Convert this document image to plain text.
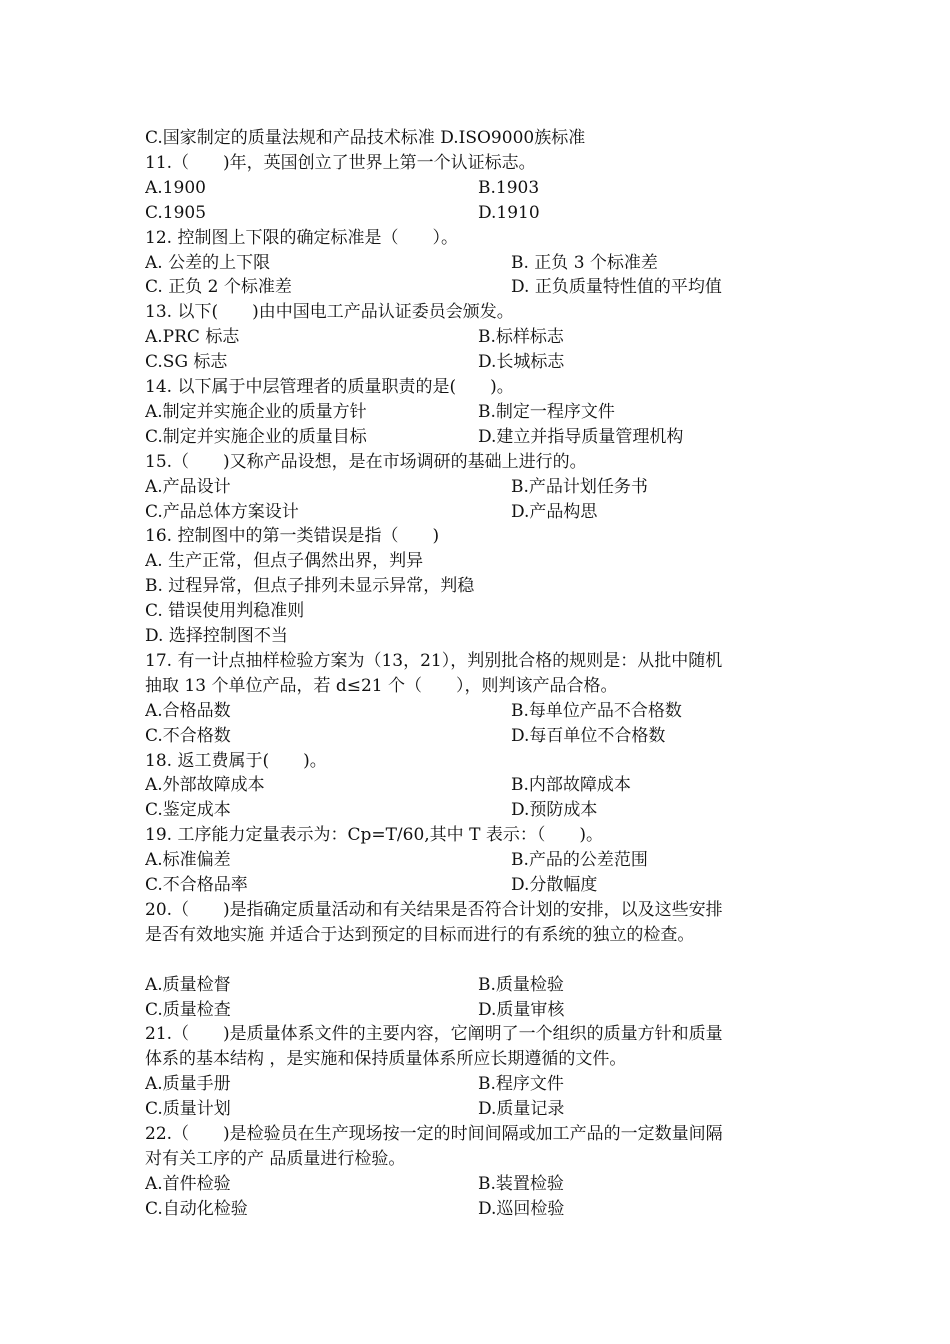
C.国家制定的质量法规和产品技术标准 D.ISO9000族标准
11.（　　)年，英国创立了世界上第一个认证标志。
A.1900	B.1903
C.1905	D.1910
12. 控制图上下限的确定标准是（　　）。
A. 公差的上下限	B. 正负 3 个标准差
C. 正负 2 个标准差	D. 正负质量特性值的平均值
13. 以下(　　)由中国电工产品认证委员会颁发。
A.PRC 标志	B.标样标志
C.SG 标志	D.长城标志
14. 以下属于中层管理者的质量职责的是(　　)。
A.制定并实施企业的质量方针	B.制定一程序文件
C.制定并实施企业的质量目标	D.建立并指导质量管理机构
15.（　　)又称产品设想，是在市场调研的基础上进行的。
A.产品设计	B.产品计划任务书
C.产品总体方案设计	D.产品构思
16. 控制图中的第一类错误是指（　　)
A. 生产正常，但点子偶然出界，判异
B. 过程异常，但点子排列未显示异常，判稳
C. 错误使用判稳准则
D. 选择控制图不当
17. 有一计点抽样检验方案为（13，21），判别批合格的规则是：从批中随机
抽取 13 个单位产品，若 d≤21 个（　　），则判该产品合格。
A.合格品数	B.每单位产品不合格数
C.不合格数	D.每百单位不合格数
18. 返工费属于(　　)。
A.外部故障成本	B.内部故障成本
C.鉴定成本	D.预防成本
19. 工序能力定量表示为：Cp=T/60,其中 T 表示：（　　)。
A.标准偏差	B.产品的公差范围
C.不合格品率	D.分散幅度
20.（　　)是指确定质量活动和有关结果是否符合计划的安排，以及这些安排
是否有效地实施 并适合于达到预定的目标而进行的有系统的独立的检查。
A.质量检督	B.质量检验
C.质量检查	D.质量审核
21.（　　)是质量体系文件的主要内容，它阐明了一个组织的质量方针和质量
体系的基本结构 ，是实施和保持质量体系所应长期遵循的文件。
A.质量手册	B.程序文件
C.质量计划	D.质量记录
22.（　　)是检验员在生产现场按一定的时间间隔或加工产品的一定数量间隔
对有关工序的产 品质量进行检验。
A.首件检验	B.装置检验
C.自动化检验	D.巡回检验
